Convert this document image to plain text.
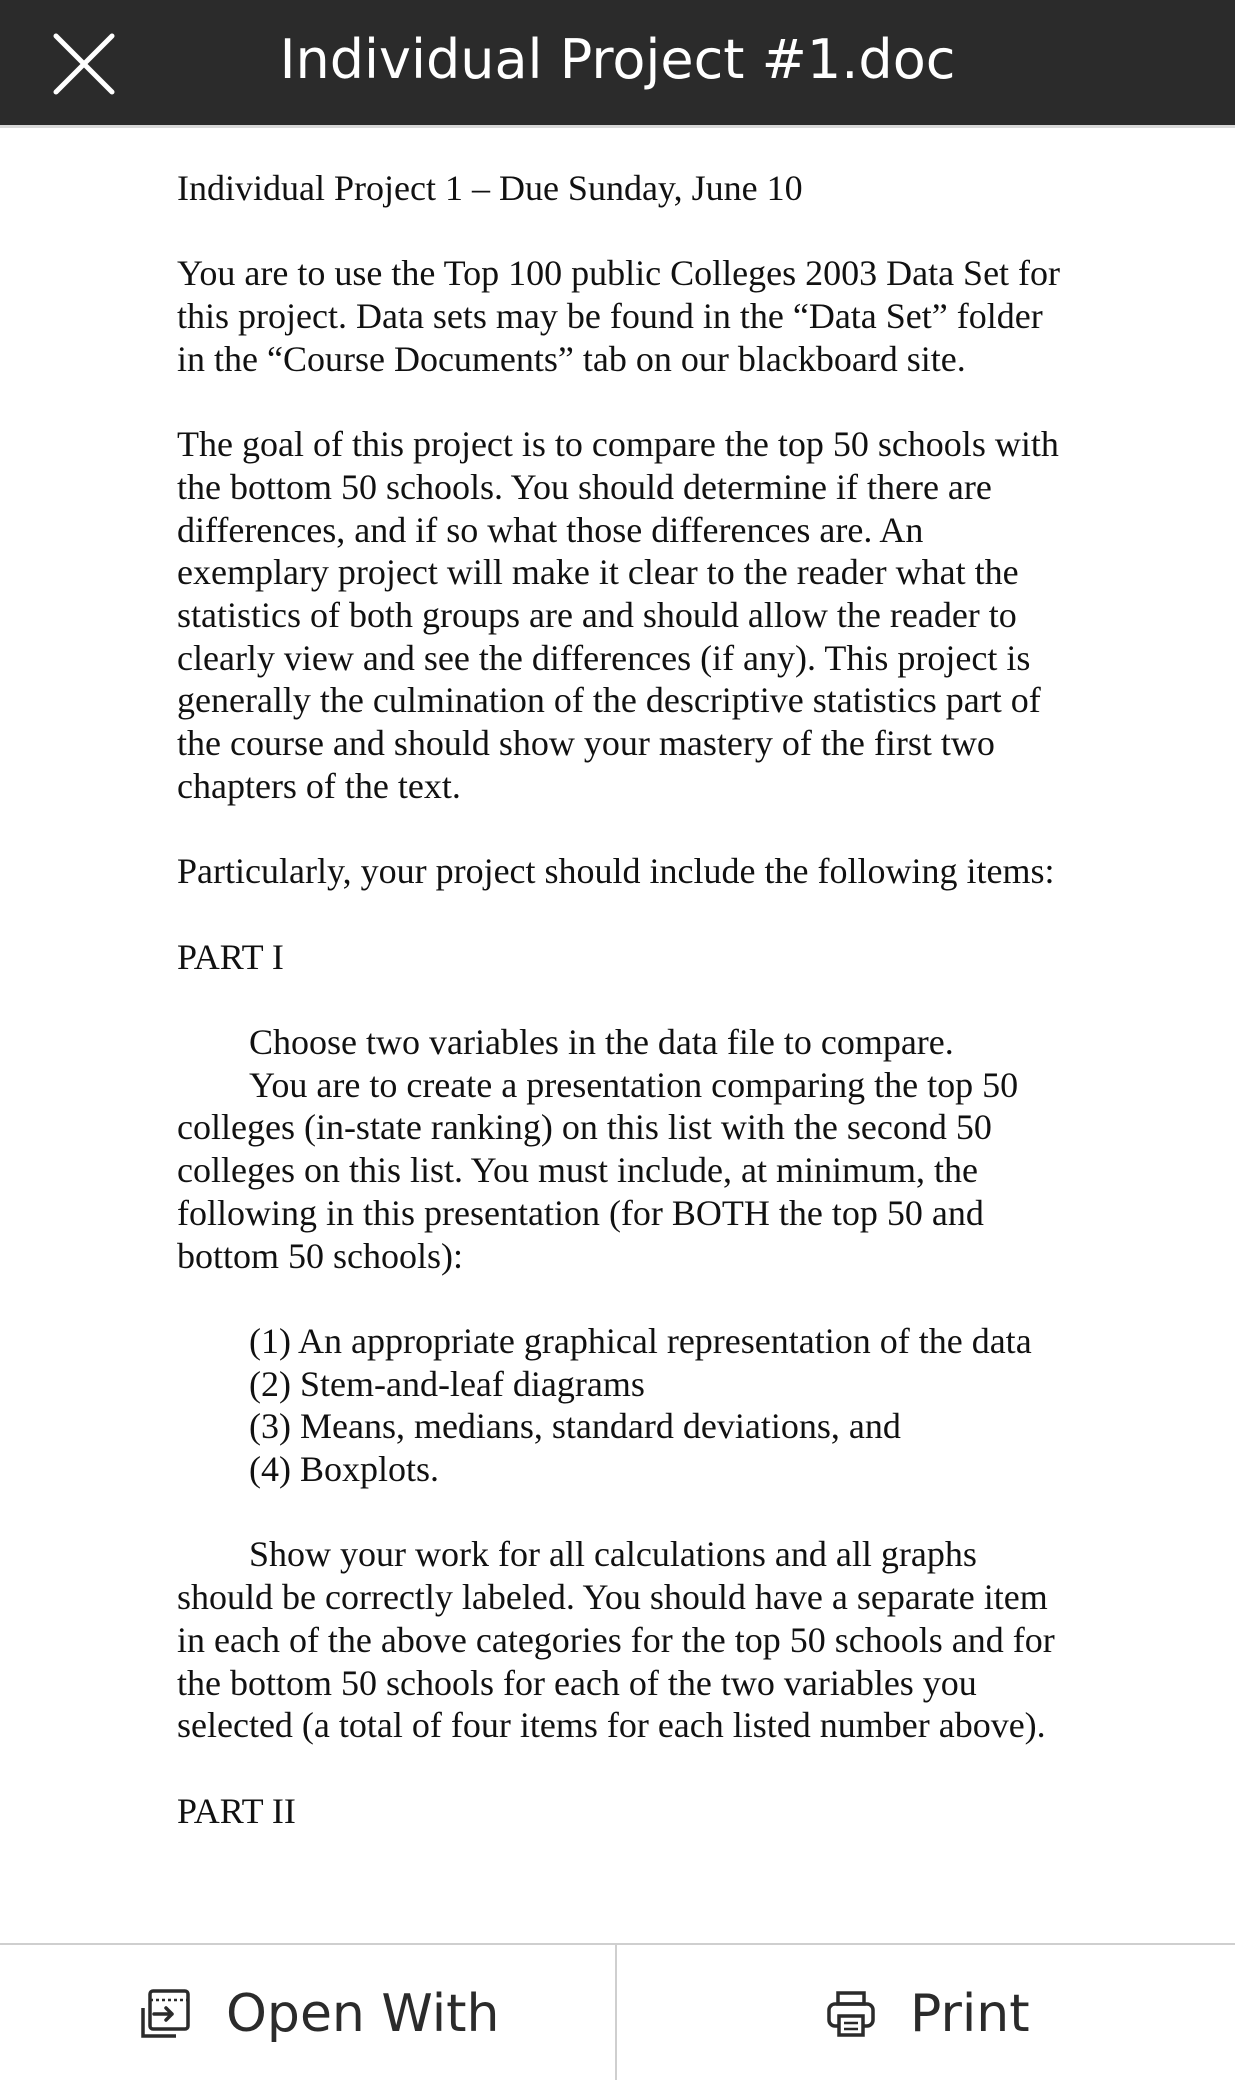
Individual Project #1.doc

Individual Project 1 – Due Sunday, June 10

You are to use the Top 100 public Colleges 2003 Data Set for this project. Data sets may be found in the “Data Set” folder in the “Course Documents” tab on our blackboard site.

The goal of this project is to compare the top 50 schools with the bottom 50 schools. You should determine if there are differences, and if so what those differences are. An exemplary project will make it clear to the reader what the statistics of both groups are and should allow the reader to clearly view and see the differences (if any). This project is generally the culmination of the descriptive statistics part of the course and should show your mastery of the first two chapters of the text.

Particularly, your project should include the following items:

PART I

Choose two variables in the data file to compare.
You are to create a presentation comparing the top 50 colleges (in-state ranking) on this list with the second 50 colleges on this list. You must include, at minimum, the following in this presentation (for BOTH the top 50 and bottom 50 schools):

(1) An appropriate graphical representation of the data
(2) Stem-and-leaf diagrams
(3) Means, medians, standard deviations, and
(4) Boxplots.

Show your work for all calculations and all graphs should be correctly labeled. You should have a separate item in each of the above categories for the top 50 schools and for the bottom 50 schools for each of the two variables you selected (a total of four items for each listed number above).

PART II

Open With	Print
